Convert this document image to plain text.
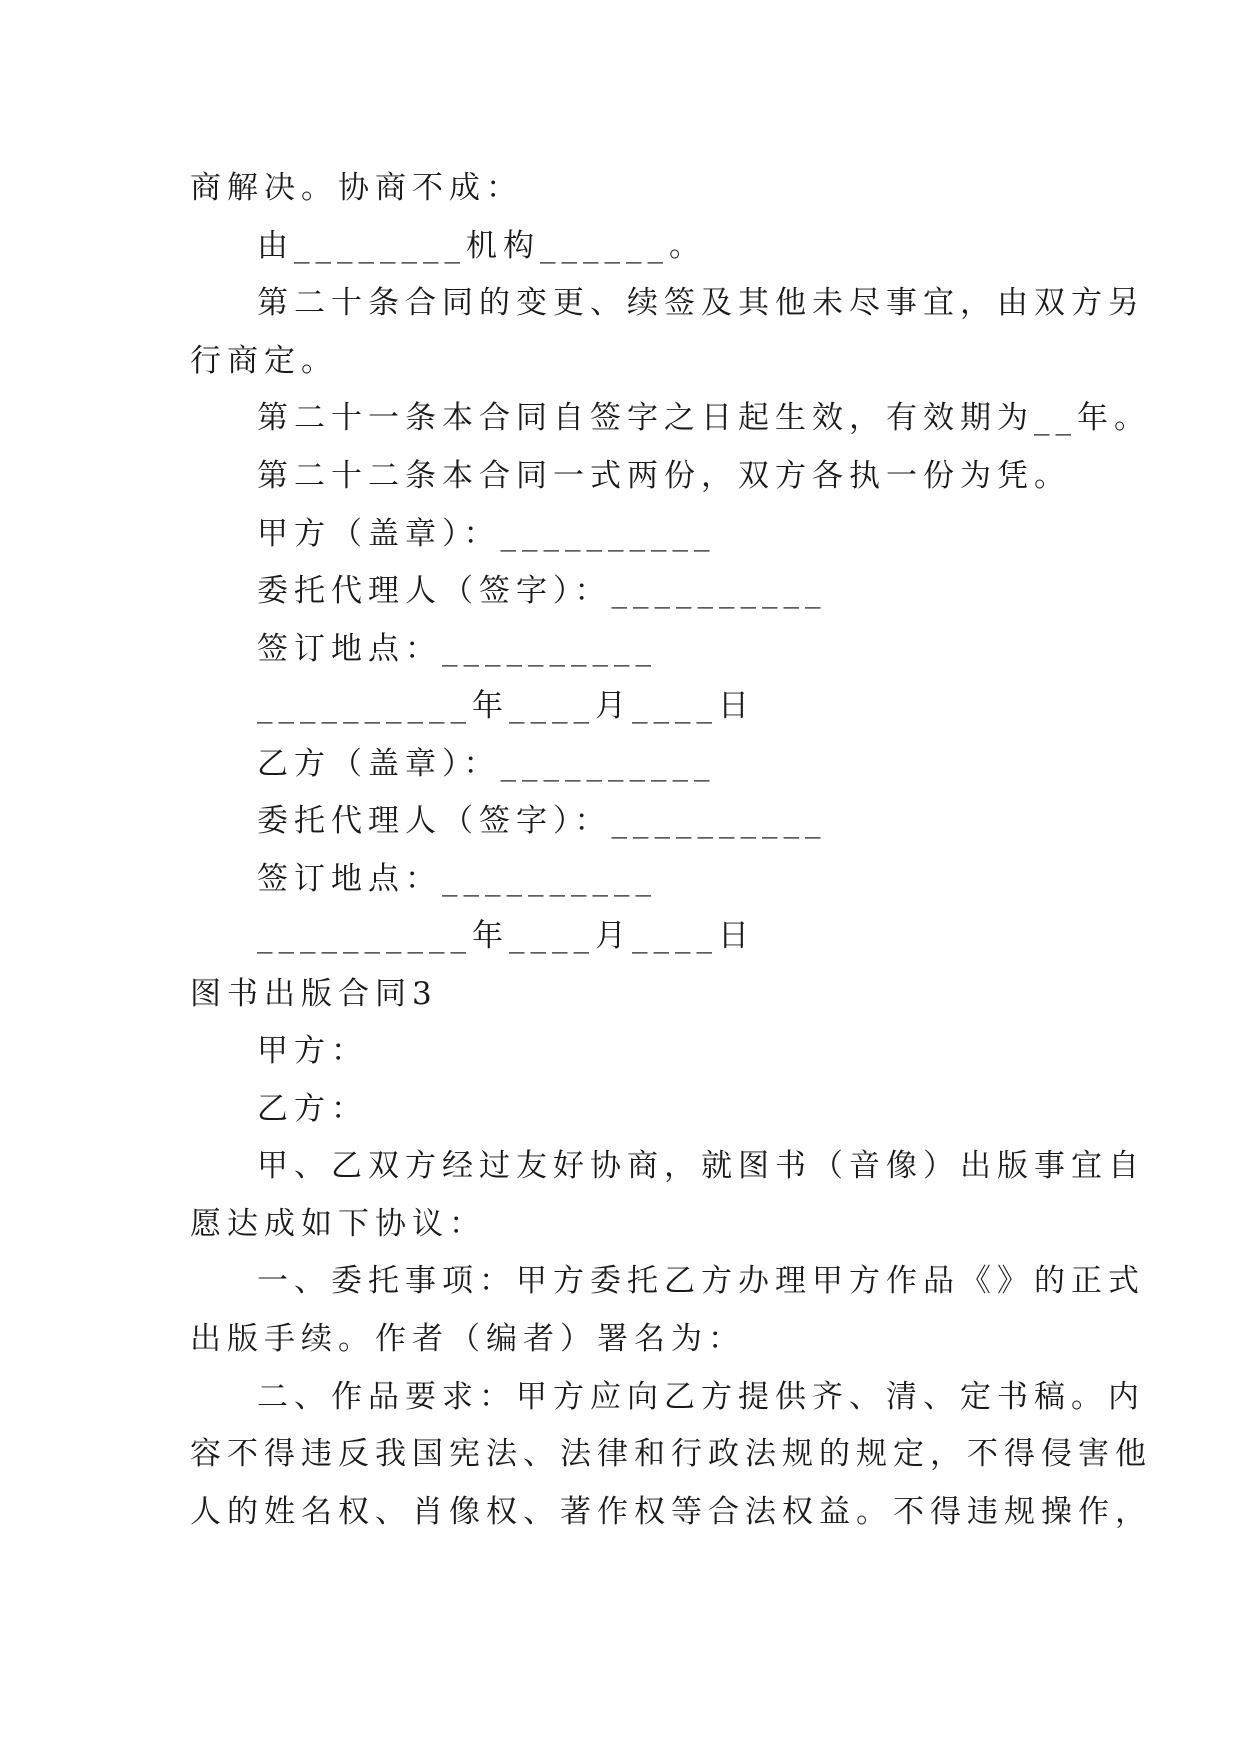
商解决。协商不成：
由________机构______。
第二十条合同的变更、续签及其他未尽事宜，由双方另
行商定。
第二十一条本合同自签字之日起生效，有效期为__年。
第二十二条本合同一式两份，双方各执一份为凭。
甲方（盖章）：__________
委托代理人（签字）：__________
签订地点：__________
__________年____月____日
乙方（盖章）：__________
委托代理人（签字）：__________
签订地点：__________
__________年____月____日
图书出版合同3
甲方：
乙方：
甲、乙双方经过友好协商，就图书（音像）出版事宜自
愿达成如下协议：
一、委托事项：甲方委托乙方办理甲方作品《》的正式
出版手续。作者（编者）署名为：
二、作品要求：甲方应向乙方提供齐、清、定书稿。内
容不得违反我国宪法、法律和行政法规的规定，不得侵害他
人的姓名权、肖像权、著作权等合法权益。不得违规操作，
